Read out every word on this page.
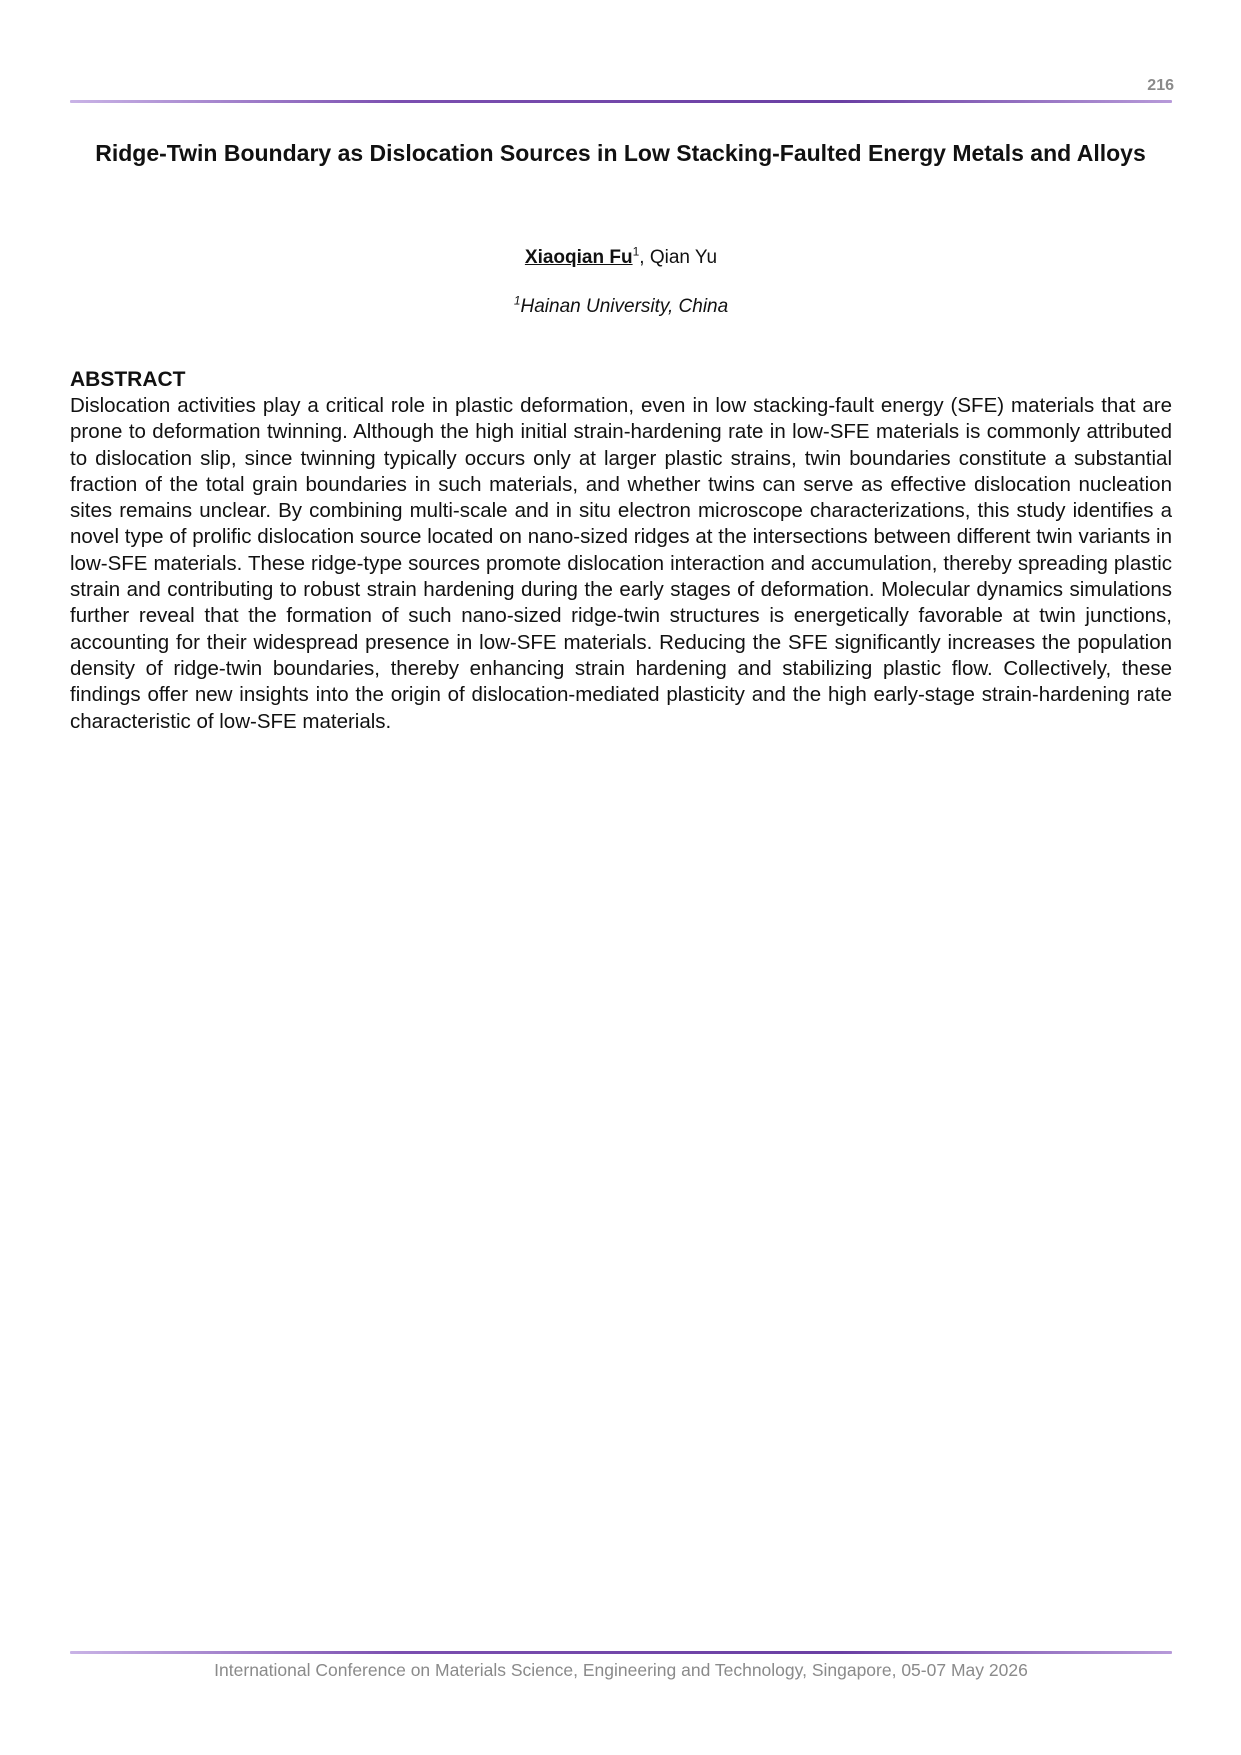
216
Ridge-Twin Boundary as Dislocation Sources in Low Stacking-Faulted Energy Metals and Alloys
Xiaoqian Fu$^1$, Qian Yu
$^1$Hainan University, China
ABSTRACT
Dislocation activities play a critical role in plastic deformation, even in low stacking-fault energy (SFE) materials that are prone to deformation twinning. Although the high initial strain-hardening rate in low-SFE materials is commonly attributed to dislocation slip, since twinning typically occurs only at larger plastic strains, twin boundaries constitute a substantial fraction of the total grain boundaries in such materials, and whether twins can serve as effective dislocation nucleation sites remains unclear. By combining multi-scale and in situ electron microscope characterizations, this study identifies a novel type of prolific dislocation source located on nano-sized ridges at the intersections between different twin variants in low-SFE materials. These ridge-type sources promote dislocation interaction and accumulation, thereby spreading plastic strain and contributing to robust strain hardening during the early stages of deformation. Molecular dynamics simulations further reveal that the formation of such nano-sized ridge-twin structures is energetically favorable at twin junctions, accounting for their widespread presence in low-SFE materials. Reducing the SFE significantly increases the population density of ridge-twin boundaries, thereby enhancing strain hardening and stabilizing plastic flow. Collectively, these findings offer new insights into the origin of dislocation-mediated plasticity and the high early-stage strain-hardening rate characteristic of low-SFE materials.
International Conference on Materials Science, Engineering and Technology, Singapore, 05-07 May 2026
